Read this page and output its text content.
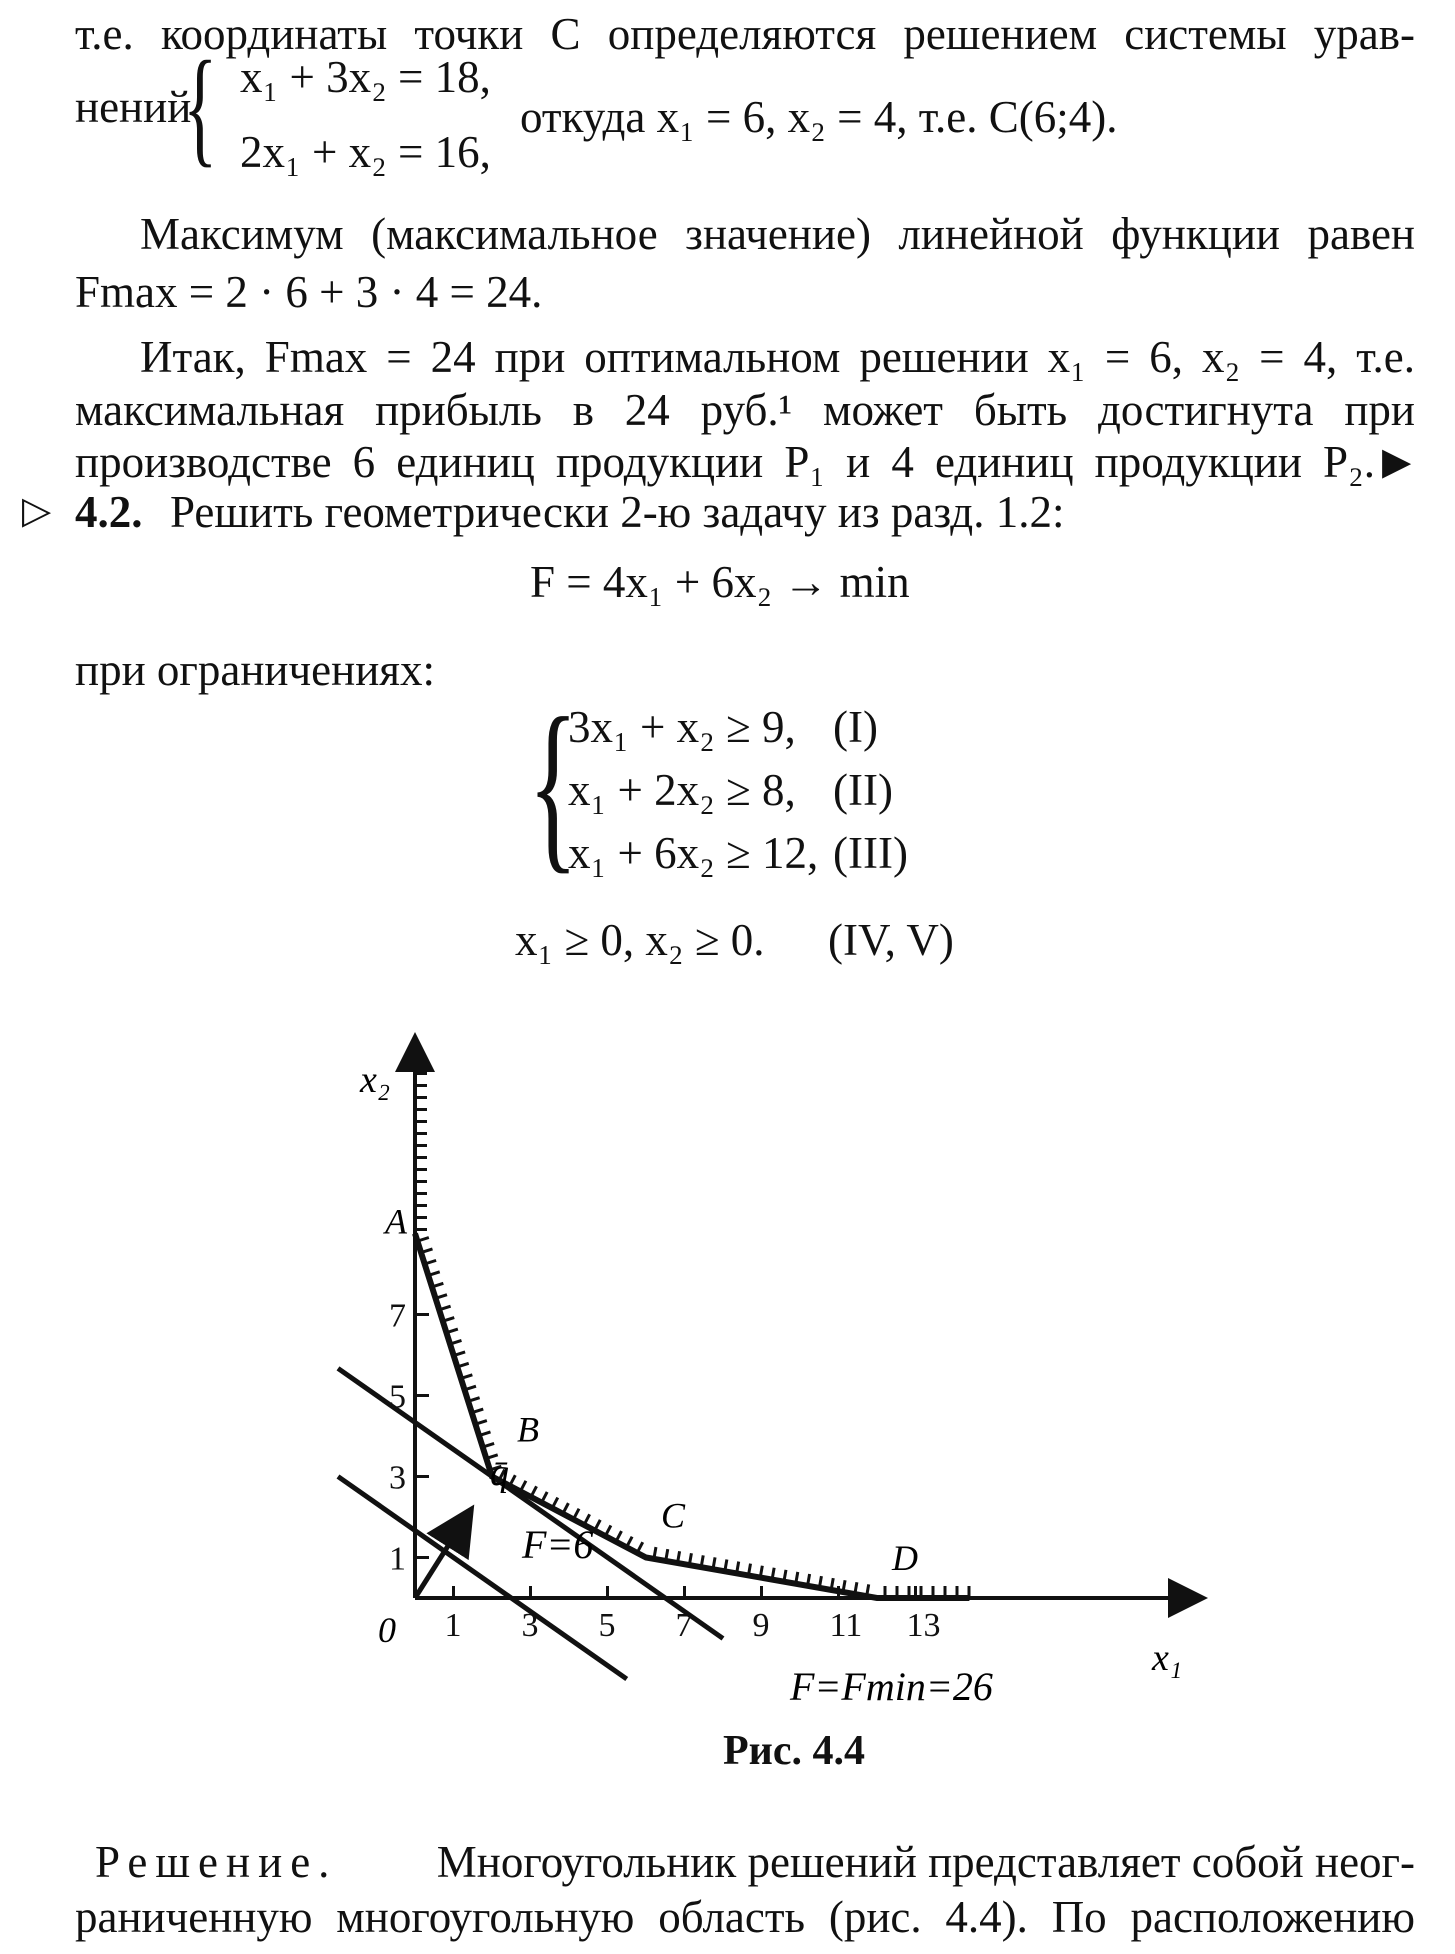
т.е. координаты точки C определяются решением системы урав-
нений
{ x₁ + 3x₂ = 18,
2x₁ + x₂ = 16,
откуда x₁ = 6, x₂ = 4, т.е. C(6;4).
Максимум (максимальное значение) линейной функции равен
Fmax = 2 · 6 + 3 · 4 = 24.
Итак, Fmax = 24 при оптимальном решении x₁ = 6, x₂ = 4, т.е.
максимальная прибыль в 24 руб.¹ может быть достигнута при
производстве 6 единиц продукции P₁ и 4 единиц продукции P₂. ▶
▷ 4.2. Решить геометрически 2-ю задачу из разд. 1.2:
F = 4x₁ + 6x₂ → min
при ограничениях:
{
3x₁ + x₂ ≥ 9, (I)
x₁ + 2x₂ ≥ 8, (II)
x₁ + 6x₂ ≥ 12, (III)
x₁ ≥ 0, x₂ ≥ 0. (IV, V)
1 3 5 7 9 11 13
1
3
5
7
x₂
x₁
0
A
B
C
D
q̄
F=6
F=Fmin=26
Рис. 4.4
Решение. Многоугольник решений представляет собой неог-
раниченную многоугольную область (рис. 4.4). По расположению
